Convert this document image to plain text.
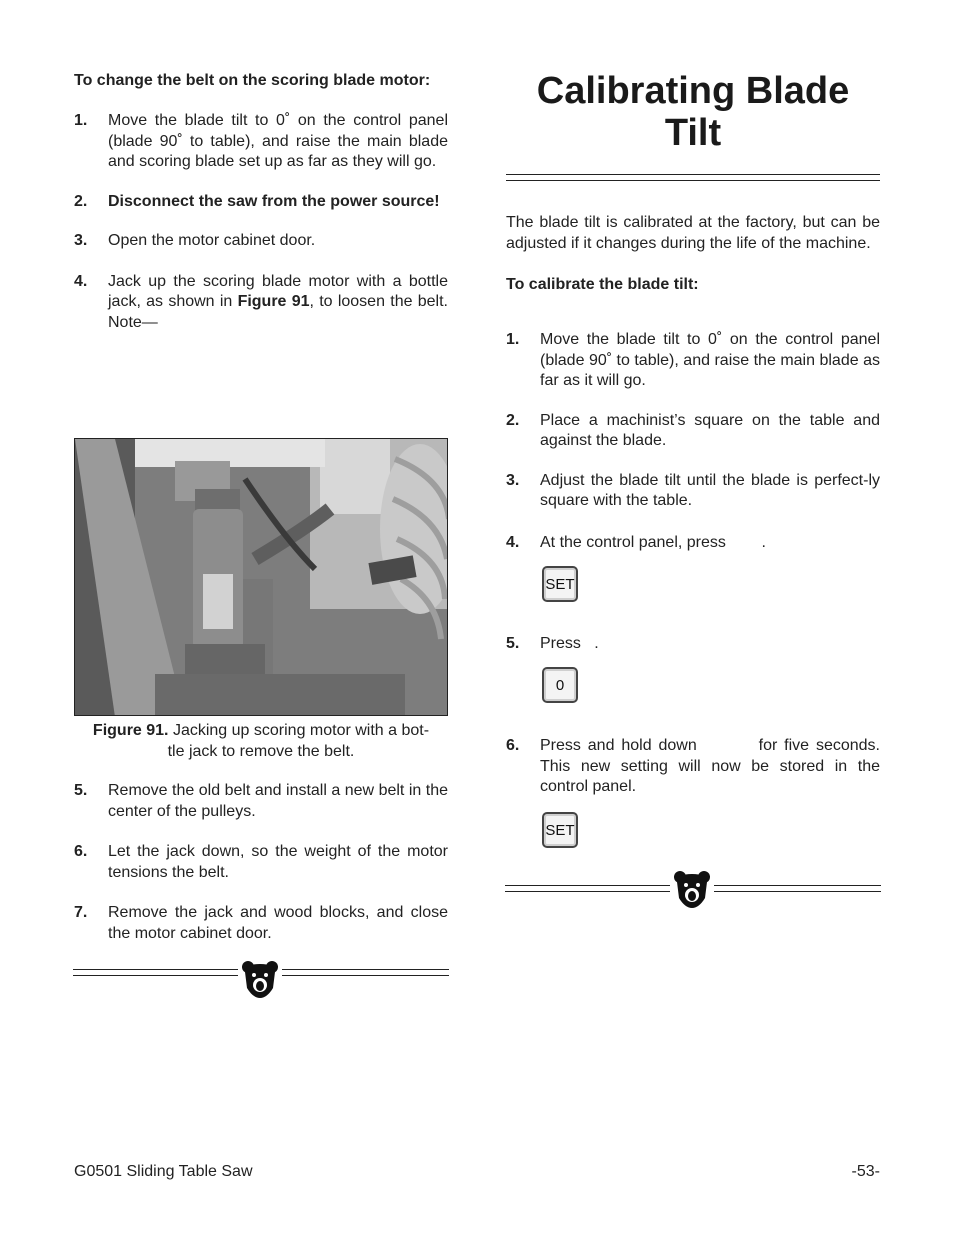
To change the belt on the scoring blade motor:

1.	Move the blade tilt to 0˚ on the control panel (blade 90˚ to table), and raise the main blade and scoring blade set up as far as they will go.
2.	Disconnect the saw from the power source!
3.	Open the motor cabinet door.
4.	Jack up the scoring blade motor with a bottle jack, as shown in Figure 91, to loosen the belt. Note—
Figure 91. Jacking up scoring motor with a bot-
tle jack to remove the belt.
5.	Remove the old belt and install a new belt in the center of the pulleys.
6.	Let the jack down, so the weight of the motor tensions the belt.
7.	Remove the jack and wood blocks, and close the motor cabinet door.
Calibrating Blade
Tilt

The blade tilt is calibrated at the factory, but can be adjusted if it changes during the life of the machine.

To calibrate the blade tilt:

1.	Move the blade tilt to 0˚ on the control panel (blade 90˚ to table), and raise the main blade as far as it will go.
2.	Place a machinist’s square on the table and against the blade.
3.	Adjust the blade tilt until the blade is perfect-ly square with the table.
4.	At the control panel, press        .
SET
5.	Press   .
0
6.	Press and hold down         for five seconds. This new setting will now be stored in the control panel.
SET
G0501 Sliding Table Saw	-53-
